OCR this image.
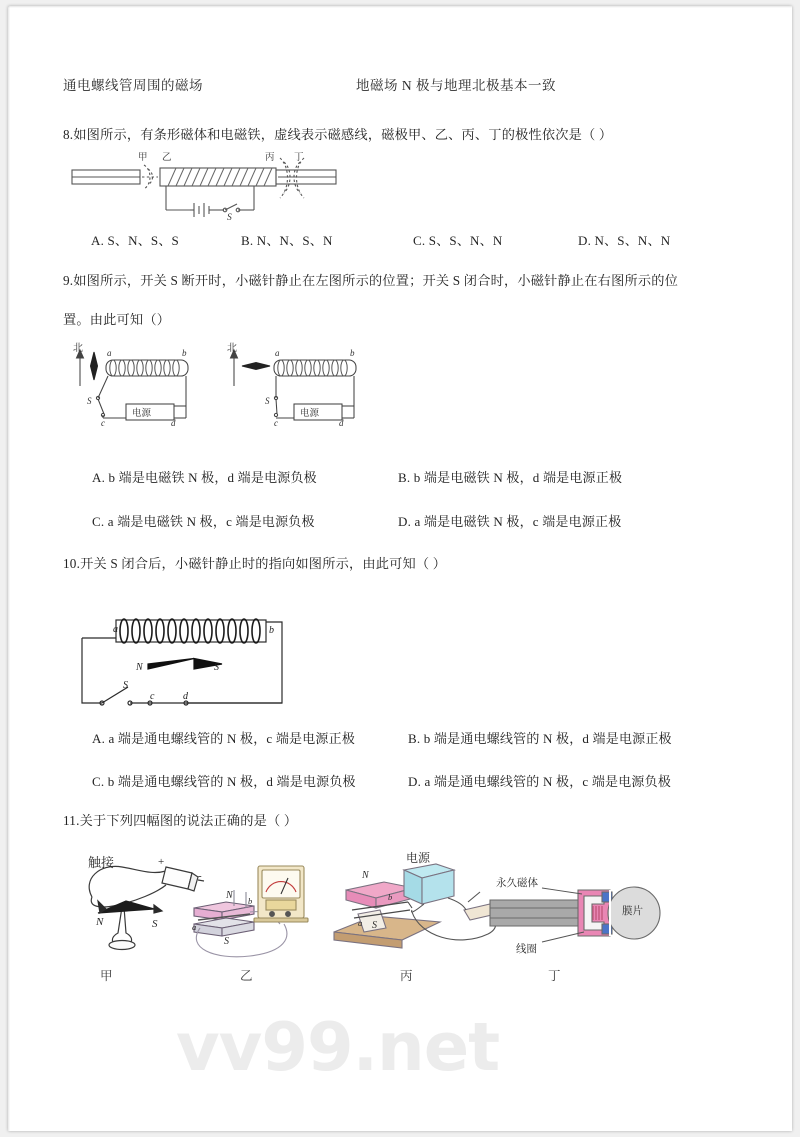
通电螺线管周围的磁场	地磁场 N 极与地理北极基本一致
8.如图所示，有条形磁体和电磁铁，虚线表示磁感线，磁极甲、乙、丙、丁的极性依次是（ ）
甲 乙	丙 丁
S
A. S、N、S、S	B. N、N、S、N	C. S、S、N、N	D. N、S、N、N
9.如图所示，开关 S 断开时，小磁针静止在左图所示的位置；开关 S 闭合时，小磁针静止在右图所示的位
置。由此可知（）
北	a	b
S
c	d
电源
北	a	b
S
c	d
电源
A. b 端是电磁铁 N 极，d 端是电源负极	B. b 端是电磁铁 N 极，d 端是电源正极
C. a 端是电磁铁 N 极，c 端是电源负极	D. a 端是电磁铁 N 极，c 端是电源正极
10.开关 S 闭合后，小磁针静止时的指向如图所示，由此可知（ ）
a	b
N	S
S
c	d
A. a 端是通电螺线管的 N 极，c 端是电源正极	B. b 端是通电螺线管的 N 极，d 端是电源正极
C. b 端是通电螺线管的 N 极，d 端是电源负极	D. a 端是通电螺线管的 N 极，c 端是电源负极
11.关于下列四幅图的说法正确的是（ ）
触接	+
-
N	S
N
S
a
b
电源
N
S
a
b
永久磁体
线圈
膜片
甲	乙	丙	丁
vv99.net
